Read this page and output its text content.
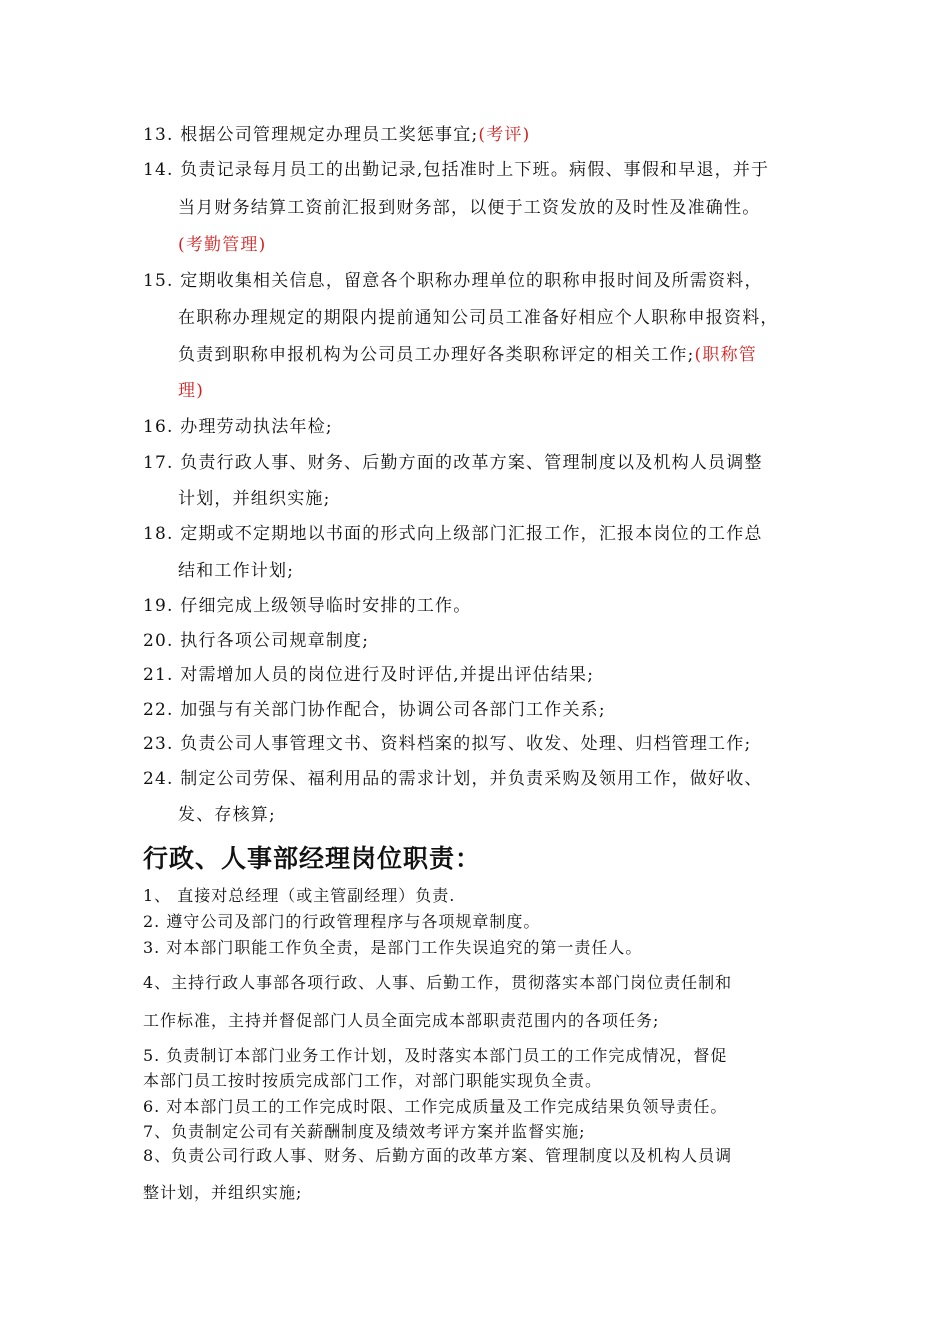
13. 根据公司管理规定办理员工奖惩事宜;(考评)
14. 负责记录每月员工的出勤记录,包括准时上下班。病假、事假和早退，并于
当月财务结算工资前汇报到财务部，以便于工资发放的及时性及准确性。
(考勤管理)
15. 定期收集相关信息，留意各个职称办理单位的职称申报时间及所需资料，
在职称办理规定的期限内提前通知公司员工准备好相应个人职称申报资料，
负责到职称申报机构为公司员工办理好各类职称评定的相关工作;(职称管
理)
16. 办理劳动执法年检;
17. 负责行政人事、财务、后勤方面的改革方案、管理制度以及机构人员调整
计划，并组织实施;
18. 定期或不定期地以书面的形式向上级部门汇报工作，汇报本岗位的工作总
结和工作计划;
19. 仔细完成上级领导临时安排的工作。
20. 执行各项公司规章制度;
21. 对需增加人员的岗位进行及时评估,并提出评估结果;
22. 加强与有关部门协作配合，协调公司各部门工作关系;
23. 负责公司人事管理文书、资料档案的拟写、收发、处理、归档管理工作;
24. 制定公司劳保、福利用品的需求计划，并负责采购及领用工作，做好收、
发、存核算;
行政、人事部经理岗位职责：
1、 直接对总经理（或主管副经理）负责.
2. 遵守公司及部门的行政管理程序与各项规章制度。
3. 对本部门职能工作负全责，是部门工作失误追究的第一责任人。
4、主持行政人事部各项行政、人事、后勤工作，贯彻落实本部门岗位责任制和
工作标准，主持并督促部门人员全面完成本部职责范围内的各项任务;
5. 负责制订本部门业务工作计划，及时落实本部门员工的工作完成情况，督促
本部门员工按时按质完成部门工作，对部门职能实现负全责。
6. 对本部门员工的工作完成时限、工作完成质量及工作完成结果负领导责任。
7、负责制定公司有关薪酬制度及绩效考评方案并监督实施;
8、负责公司行政人事、财务、后勤方面的改革方案、管理制度以及机构人员调
整计划，并组织实施;
